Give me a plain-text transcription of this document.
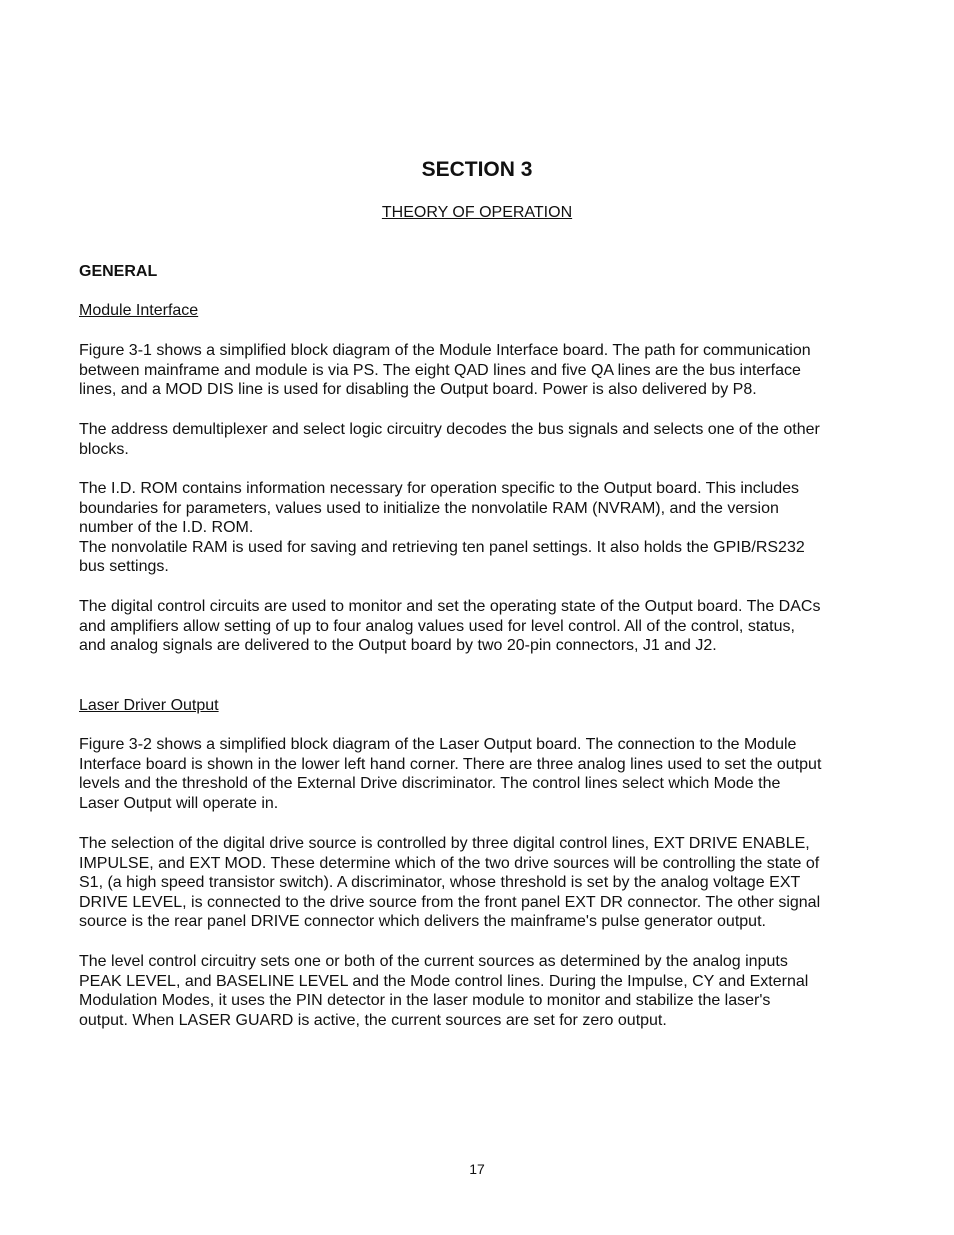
SECTION 3
THEORY OF OPERATION
GENERAL
Module Interface
Figure 3-1 shows a simplified block diagram of the Module Interface board. The path for communication
between mainframe and module is via PS. The eight QAD lines and five QA lines are the bus interface
lines, and a MOD DIS line is used for disabling the Output board. Power is also delivered by P8.
The address demultiplexer and select logic circuitry decodes the bus signals and selects one of the other
blocks.
The I.D. ROM contains information necessary for operation specific to the Output board. This includes
boundaries for parameters, values used to initialize the nonvolatile RAM (NVRAM), and the version
number of the I.D. ROM.
The nonvolatile RAM is used for saving and retrieving ten panel settings. It also holds the GPIB/RS232
bus settings.
The digital control circuits are used to monitor and set the operating state of the Output board. The DACs
and amplifiers allow setting of up to four analog values used for level control. All of the control, status,
and analog signals are delivered to the Output board by two 20-pin connectors, J1 and J2.
Laser Driver Output
Figure 3-2 shows a simplified block diagram of the Laser Output board. The connection to the Module
Interface board is shown in the lower left hand corner. There are three analog lines used to set the output
levels and the threshold of the External Drive discriminator. The control lines select which Mode the
Laser Output will operate in.
The selection of the digital drive source is controlled by three digital control lines, EXT DRIVE ENABLE,
IMPULSE, and EXT MOD. These determine which of the two drive sources will be controlling the state of
S1, (a high speed transistor switch). A discriminator, whose threshold is set by the analog voltage EXT
DRIVE LEVEL, is connected to the drive source from the front panel EXT DR connector. The other signal
source is the rear panel DRIVE connector which delivers the mainframe's pulse generator output.
The level control circuitry sets one or both of the current sources as determined by the analog inputs
PEAK LEVEL, and BASELINE LEVEL and the Mode control lines. During the Impulse, CY and External
Modulation Modes, it uses the PIN detector in the laser module to monitor and stabilize the laser's
output. When LASER GUARD is active, the current sources are set for zero output.
17
